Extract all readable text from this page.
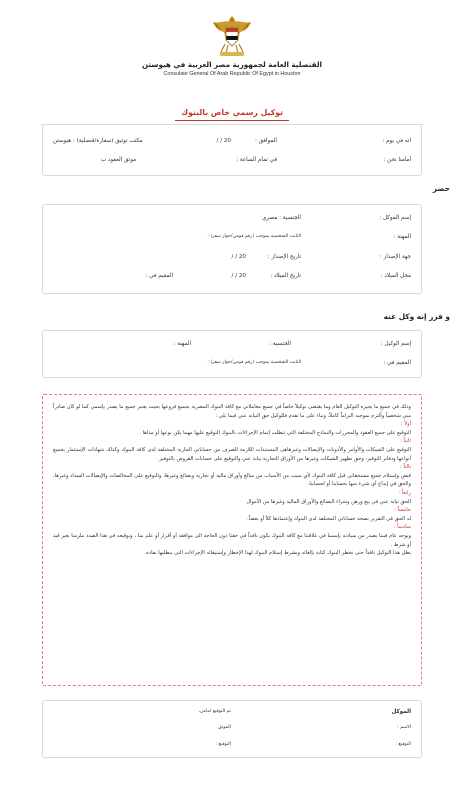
القنصلية العامة لجمهورية مصر العربية في هيوستن
Consulate General Of Arab Republic Of Egypt in Houston
توكيل رسمي خاص بالبنوك
انه في يوم :
الموافق :
/ / 20
مكتب توثيق (سفارة/قنصلية) : هيوستن
أمامنا نحن :
في تمام الساعة :
موثق العقود ب
حضر
إسم الموكل :
الجنسية : مصري
المهنة :
الثابت الشخصية بموجب (رقم قومي/جواز سفر) :
جهة الإصدار :
تاريخ الإصدار :
/ / 20
محل الميلاد :
تاريخ الميلاد :
/ / 20
المقيم في :
و قرر إنه وكل عنه
إسم الوكيل :
الجنسية :
المهنة :
المقيم في :
الثابت الشخصية بموجب (رقم قومي/جواز سفر) :

وذلك في جميع ما يجيزه التوكيل العام وما يقتضى توكيلاً خاصاً في جميع معاملاتي مع كافة البنوك المصرية بجميع فروعها بحيث يعتبر جميع ما يصدر بإسمي كما لو كان صادراً مني شخصياً وأَلتزم بموجبه التزاماً كاملاً، وبناء على ما تقدم فللوكيل حق النيابة عني فيما يلي :

أولاً :

التوقيع على جميع العقود والمحررات والنماذج المختلفة التي تتطلب إتمام الإجراءات بالبنوك التوقيع عليها مهما يكن نوعها أو مداها .

ثانياً :

التوقيع على الشيكات والأوامر والأذونات والإيصالات وغيرهاهى المستندات اللازمة للصرف من حساباتي الجارية المختلفة لدى كافة البنوك وكذلك شهادات الإستثمار بجميع أنواعها ودفاتر التوفير، وحق تظهير الشيكات وغيرها من الأوراق التجارية نيابة عني والتوقيع على حسابات القروض بالتوفير.

ثالثاً :

قبض وإستلام جميع مستحقاتي قبل كافة البنوك لأي سبب من الأسباب من مبالغ وأوراق مالية أو تجارية وبضائع وغيرها، والتوقيع على المخالصات والإيصالات السداد وغيرها، والحق في إيداع أي شيء منها بحسابنا أو لحسابنا.

رابعاً :

الحق نيابة عني في بيع ورهن وشراء البضائع والأوراق المالية وغيرها من الأموال

خامساً :

له الحق في التقرير بصحة حساباتي المختلفة لدى البنوك وإعتمادها كلاً أو بعضاً.

سادساً :

وبوجه عام فيما يصدر من سيادته بإسمنا في علاقتنا مع كافة البنوك يكون نافذاً في حقنا دون الحاجة الى موافقة أو أقرار أو علم منا ، وتوقيعه في هذا الصدد ملزمنا بغير قيد أو شرط .

بطل هذا التوكيل نافذاً حتى نخطر البنوك كتابة بإلغائه وبشرط إستلام البنوك لهذا الإخطار وإستيفائه الإجراءات التي يتطلبها نفاذه.

الموكل
تم التوقيع امامي،
الاسم :
الموثق
التوقيع :
التوقيع :
